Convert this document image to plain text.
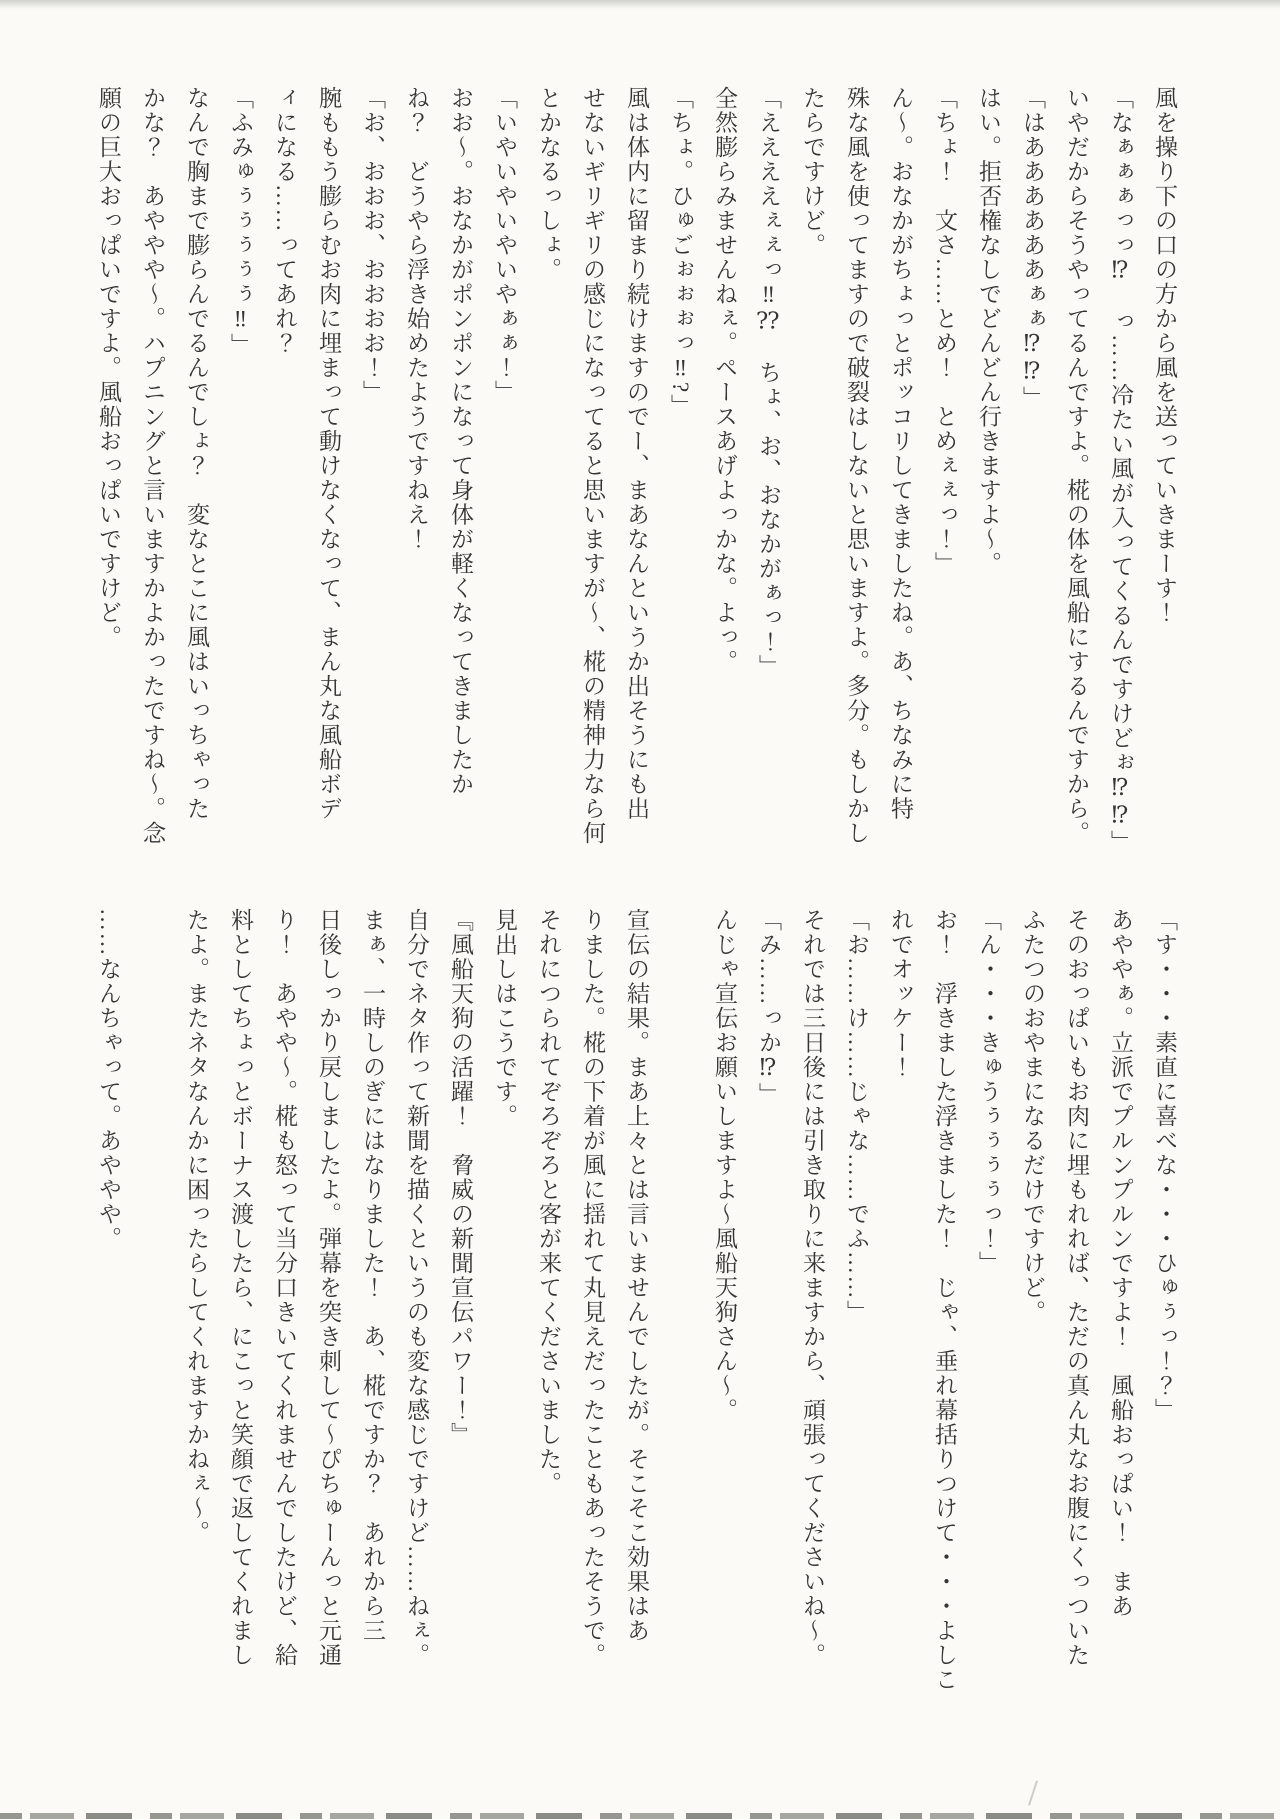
風を操り下の口の方から風を送っていきまーす！

「なぁぁぁっっ⁉　っ……冷たい風が入ってくるんですけどぉ⁉⁉」

いやだからそうやってるんですよ。椛の体を風船にするんですから。

「はああああああぁぁ⁉⁉」

はい。拒否権なしでどんどん行きますよ～。

「ちょ！　文さ……とめ！　とめぇぇっ！」

ん～。おなかがちょっとポッコリしてきましたね。あ、ちなみに特

殊な風を使ってますので破裂はしないと思いますよ。多分。もしかし

たらですけど。

「ええええぇぇっ‼⁇　ちょ、お、おなかがぁっ！」

全然膨らみませんねぇ。ペースあげよっかな。よっ。

「ちょ。ひゅごぉぉぉっ‼?」

風は体内に留まり続けますのでー、まあなんというか出そうにも出

せないギリギリの感じになってると思いますが～、椛の精神力なら何

とかなるっしょ。

「いやいやいやいやぁぁ！」

おお～。おなかがポンポンになって身体が軽くなってきましたか

ね？　どうやら浮き始めたようですねえ！

「お、おおお、おおおお！」

腕ももう膨らむお肉に埋まって動けなくなって、まん丸な風船ボデ

ィになる……ってあれ？

「ふみゅぅぅぅぅぅ‼」

なんで胸まで膨らんでるんでしょ？　変なとこに風はいっちゃった

かな？　あややや～。ハプニングと言いますかよかったですね～。念

願の巨大おっぱいですよ。風船おっぱいですけど。

「す・・・素直に喜べな・・・ひゅぅっ！？」

あややぁ。立派でプルンプルンですよ！　風船おっぱい！　まあ

そのおっぱいもお肉に埋もれれば、ただの真ん丸なお腹にくっついた

ふたつのおやまになるだけですけど。

「ん・・・きゅうぅぅぅぅっ！」

お！　浮きました浮きました！　じゃ、垂れ幕括りつけて・・・よしこ

れでオッケー！

「お……け……じゃな……でふ……」

それでは三日後には引き取りに来ますから、頑張ってくださいね～。

「み……っか⁉」

んじゃ宣伝お願いしますよ～風船天狗さん～。

宣伝の結果。まあ上々とは言いませんでしたが。そこそこ効果はあ

りました。椛の下着が風に揺れて丸見えだったこともあったそうで。

それにつられてぞろぞろと客が来てくださいました。

見出しはこうです。

『風船天狗の活躍！　脅威の新聞宣伝パワー！』

自分でネタ作って新聞を描くというのも変な感じですけど……ねぇ。

まぁ、一時しのぎにはなりました！　あ、椛ですか？　あれから三

日後しっかり戻しましたよ。弾幕を突き刺して～ぴちゅーんっと元通

り！　あやや～。椛も怒って当分口きいてくれませんでしたけど、給

料としてちょっとボーナス渡したら、にこっと笑顔で返してくれまし

たよ。またネタなんかに困ったらしてくれますかねぇ～。

……なんちゃって。あややや。
